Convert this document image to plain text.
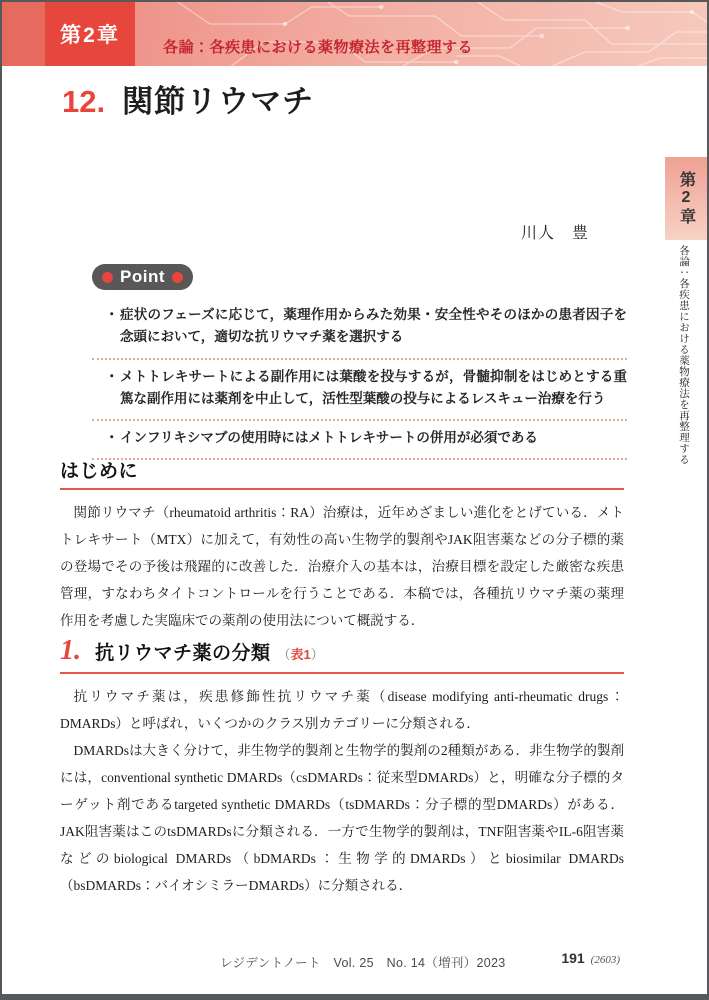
第2章
各論：各疾患における薬物療法を再整理する
12. 関節リウマチ
第2章
各論：各疾患における薬物療法を再整理する
川人　豊
Point
・ 症状のフェーズに応じて，薬理作用からみた効果・安全性やそのほかの患者因子を念頭において，適切な抗リウマチ薬を選択する
・ メトトレキサートによる副作用には葉酸を投与するが，骨髄抑制をはじめとする重篤な副作用には薬剤を中止して，活性型葉酸の投与によるレスキュー治療を行う
・ インフリキシマブの使用時にはメトトレキサートの併用が必須である
はじめに

関節リウマチ（rheumatoid arthritis：RA）治療は，近年めざましい進化をとげている．メトトレキサート（MTX）に加えて，有効性の高い生物学的製剤やJAK阻害薬などの分子標的薬の登場でその予後は飛躍的に改善した．治療介入の基本は，治療目標を設定した厳密な疾患管理，すなわちタイトコントロールを行うことである．本稿では，各種抗リウマチ薬の薬理作用を考慮した実臨床での薬剤の使用法について概説する．

1. 抗リウマチ薬の分類 （表1）

抗リウマチ薬は，疾患修飾性抗リウマチ薬（disease modifying anti-rheumatic drugs：DMARDs）と呼ばれ，いくつかのクラス別カテゴリーに分類される．

DMARDsは大きく分けて，非生物学的製剤と生物学的製剤の2種類がある．非生物学的製剤には，conventional synthetic DMARDs（csDMARDs：従来型DMARDs）と，明確な分子標的ターゲット剤であるtargeted synthetic DMARDs（tsDMARDs：分子標的型DMARDs）がある．JAK阻害薬はこのtsDMARDsに分類される．一方で生物学的製剤は，TNF阻害薬やIL-6阻害薬などのbiological DMARDs（bDMARDs：生物学的DMARDs）とbiosimilar DMARDs（bsDMARDs：バイオシミラーDMARDs）に分類される．

レジデントノート　Vol. 25　No. 14（増刊）2023	191 (2603)
